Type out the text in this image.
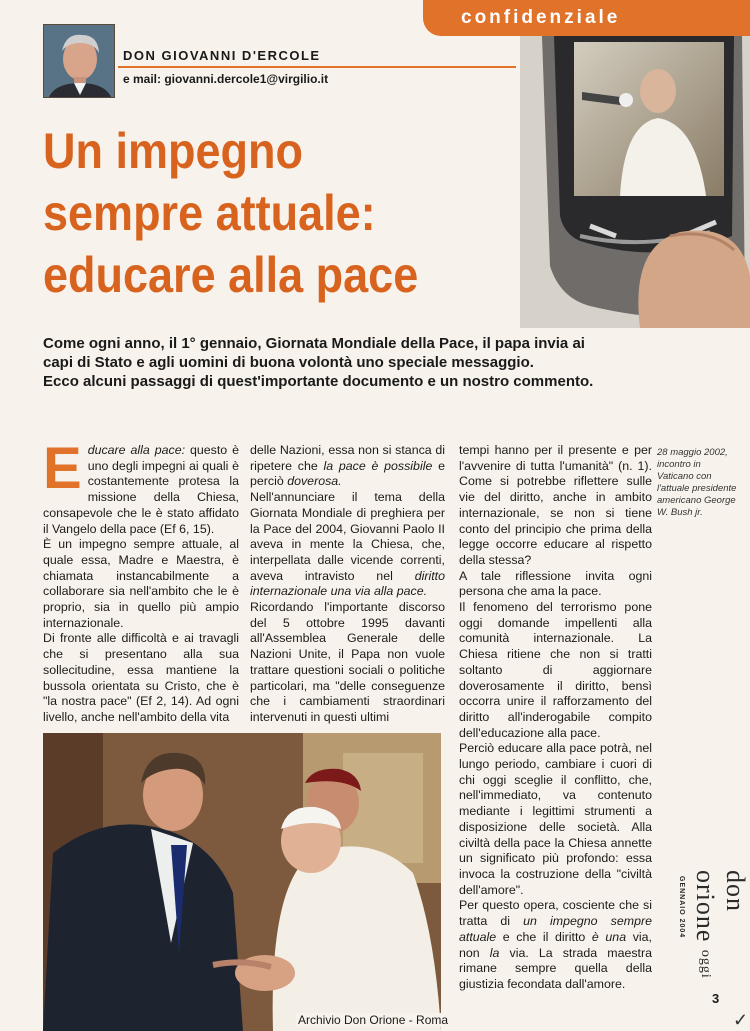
confidenziale
DON GIOVANNI D'ERCOLE
e mail: giovanni.dercole1@virgilio.it
Un impegno
sempre attuale:
educare alla pace
Come ogni anno, il 1° gennaio, Giornata Mondiale della Pace, il papa invia ai
capi di Stato e agli uomini di buona volontà uno speciale messaggio.
Ecco alcuni passaggi di quest'importante documento e un nostro commento.

Educare alla pace: questo è uno degli impegni ai quali è costantemente protesa la missione della Chiesa, consapevole che le è stato affidato il Vangelo della pace (Ef 6, 15).

È un impegno sempre attuale, al quale essa, Madre e Maestra, è chiamata instancabilmente a collaborare sia nell'ambito che le è proprio, sia in quello più ampio internazionale.

Di fronte alle difficoltà e ai travagli che si presentano alla sua sollecitudine, essa mantiene la bussola orientata su Cristo, che è "la nostra pace" (Ef 2, 14). Ad ogni livello, anche nell'ambito della vita

delle Nazioni, essa non si stanca di ripetere che la pace è possibile e perciò doverosa.

Nell'annunciare il tema della Giornata Mondiale di preghiera per la Pace del 2004, Giovanni Paolo II aveva in mente la Chiesa, che, interpellata dalle vicende correnti, aveva intravisto nel diritto internazionale una via alla pace.

Ricordando l'importante discorso del 5 ottobre 1995 davanti all'Assemblea Generale delle Nazioni Unite, il Papa non vuole trattare questioni sociali o politiche particolari, ma "delle conseguenze che i cambiamenti straordinari intervenuti in questi ultimi

tempi hanno per il presente e per l'avvenire di tutta l'umanità" (n. 1). Come si potrebbe riflettere sulle vie del diritto, anche in ambito internazionale, se non si tiene conto del principio che prima della legge occorre educare al rispetto della stessa?

A tale riflessione invita ogni persona che ama la pace.

Il fenomeno del terrorismo pone oggi domande impellenti alla comunità internazionale. La Chiesa ritiene che non si tratti soltanto di aggiornare doverosamente il diritto, bensì occorra unire il rafforzamento del diritto all'inderogabile compito dell'educazione alla pace.

Perciò educare alla pace potrà, nel lungo periodo, cambiare i cuori di chi oggi sceglie il conflitto, che, nell'immediato, va contenuto mediante i legittimi strumenti a disposizione delle società. Alla civiltà della pace la Chiesa annette un significato più profondo: essa invoca la costruzione della "civiltà dell'amore".

Per questo opera, cosciente che si tratta di un impegno sempre attuale e che il diritto è una via, non la via. La strada maestra rimane sempre quella della giustizia fecondata dall'amore.

28 maggio 2002, incontro in Vaticano con l'attuale presidente americano George W. Bush jr.
GENNAIO 2004	don orione oggi
3
Archivio Don Orione - Roma	✓
